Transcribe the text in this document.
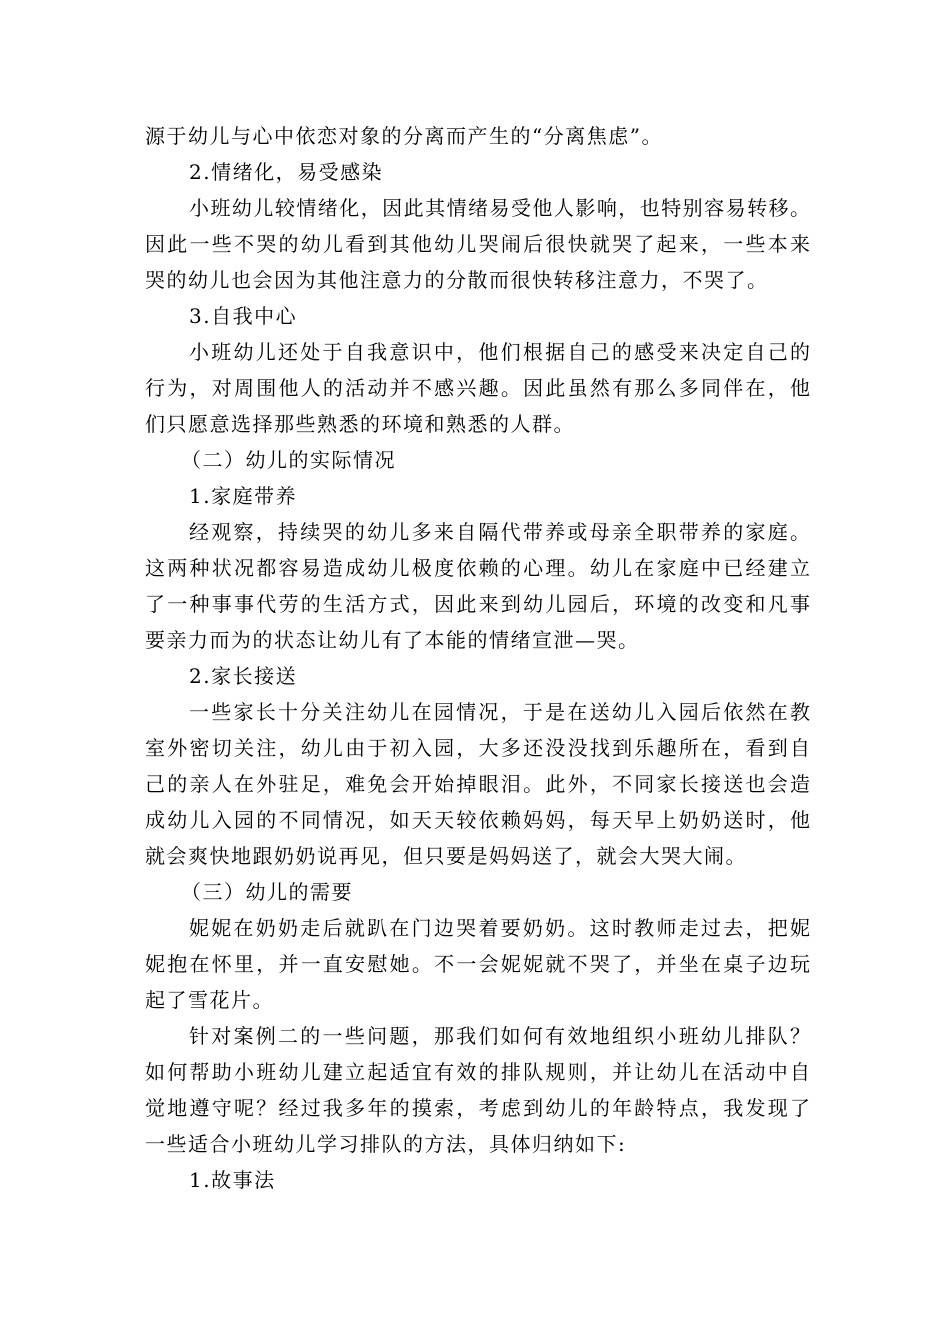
源于幼儿与心中依恋对象的分离而产生的“分离焦虑”。
2.情绪化，易受感染
小班幼儿较情绪化，因此其情绪易受他人影响，也特别容易转移。
因此一些不哭的幼儿看到其他幼儿哭闹后很快就哭了起来，一些本来
哭的幼儿也会因为其他注意力的分散而很快转移注意力，不哭了。
3.自我中心
小班幼儿还处于自我意识中，他们根据自己的感受来决定自己的
行为，对周围他人的活动并不感兴趣。因此虽然有那么多同伴在，他
们只愿意选择那些熟悉的环境和熟悉的人群。
（二）幼儿的实际情况
1.家庭带养
经观察，持续哭的幼儿多来自隔代带养或母亲全职带养的家庭。
这两种状况都容易造成幼儿极度依赖的心理。幼儿在家庭中已经建立
了一种事事代劳的生活方式，因此来到幼儿园后，环境的改变和凡事
要亲力而为的状态让幼儿有了本能的情绪宣泄—哭。
2.家长接送
一些家长十分关注幼儿在园情况，于是在送幼儿入园后依然在教
室外密切关注，幼儿由于初入园，大多还没没找到乐趣所在，看到自
己的亲人在外驻足，难免会开始掉眼泪。此外，不同家长接送也会造
成幼儿入园的不同情况，如天天较依赖妈妈，每天早上奶奶送时，他
就会爽快地跟奶奶说再见，但只要是妈妈送了，就会大哭大闹。
（三）幼儿的需要
妮妮在奶奶走后就趴在门边哭着要奶奶。这时教师走过去，把妮
妮抱在怀里，并一直安慰她。不一会妮妮就不哭了，并坐在桌子边玩
起了雪花片。
针对案例二的一些问题，那我们如何有效地组织小班幼儿排队？
如何帮助小班幼儿建立起适宜有效的排队规则，并让幼儿在活动中自
觉地遵守呢？经过我多年的摸索，考虑到幼儿的年龄特点，我发现了
一些适合小班幼儿学习排队的方法，具体归纳如下:
1.故事法
